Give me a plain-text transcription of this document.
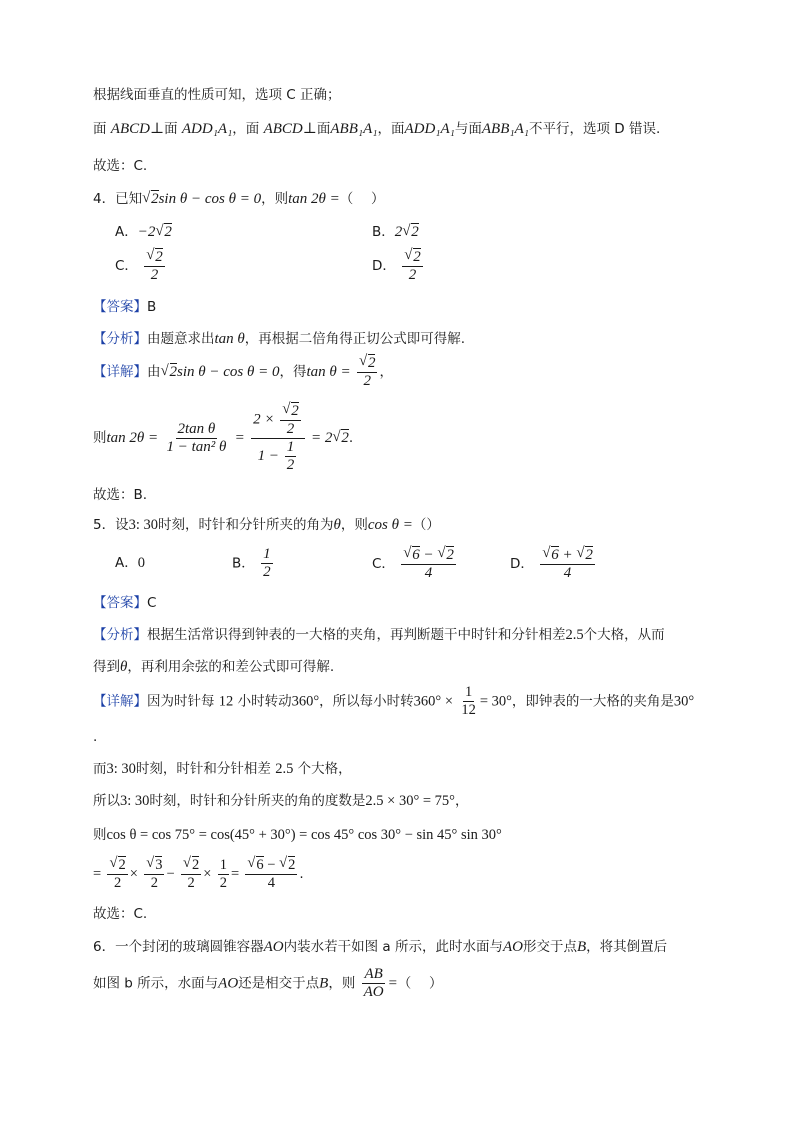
根据线面垂直的性质可知，选项 C 正确；
面 ABCD⊥面 ADD₁A₁，面 ABCD⊥面ABB₁A₁，面ADD₁A₁与面ABB₁A₁不平行，选项 D 错误.
故选：C.
4．已知√ 2sin θ − cos θ = 0，则tan 2θ =（　 ）
A．−2√ 2	B．2√ 2
C．
√ $\frac{2}{2}$	D．
√ $\frac{2}{2}$
【答案】B
【分析】由题意求出tan θ，再根据二倍角得正切公式即可得解.
【详解】由√ 2sin θ − cos θ = 0，得tan θ =
√ $\frac{2}{2}$ ，
则$\tan 2\theta = \frac{\text{2tan θ}}{\text{1 − tan² θ}} = 2$ ×
√ $\frac{2}{2}$
$1 - \frac{1}{2} = 2√$ 2.
故选：B.
5．设3: 30时刻，时针和分针所夹的角为θ，则cos θ =（）
A．0	B． $\frac{1}{2}$	C．
√ $\frac{6 - √ 2}{4}$	D．
√ $\frac{6 + √ 2}{4}$
【答案】C
【分析】根据生活常识得到钟表的一大格的夹角，再判断题干中时针和分针相差2.5个大格，从而
得到θ，再利用余弦的和差公式即可得解.
【详解】因为时针每 12 小时转动360°，所以每小时转$360^\circ \times \frac{1}{12} = 30^\circ$，即钟表的一大格的夹角是30°
.
而3: 30时刻，时针和分针相差 2.5 个大格，
所以3: 30时刻，时针和分针所夹的角的度数是2.5 × 30° = 75°，
则cos θ = cos 75° = cos(45° + 30°) = cos 45° cos 30° − sin 45° sin 30°
=
√ $\frac{2}{2}$ ×
√ $\frac{3}{2}$ −
√ $\frac{2}{2} \times \frac{1}{2}$ =
√ $\frac{6 - √ 2}{4}$ .
故选：C.
6．一个封闭的玻璃圆锥容器AO内装水若干如图 a 所示，此时水面与AO形交于点B，将其倒置后
如图 b 所示，水面与AO还是相交于点B，则 $\frac{AB}{AO}$ =（　 ）
